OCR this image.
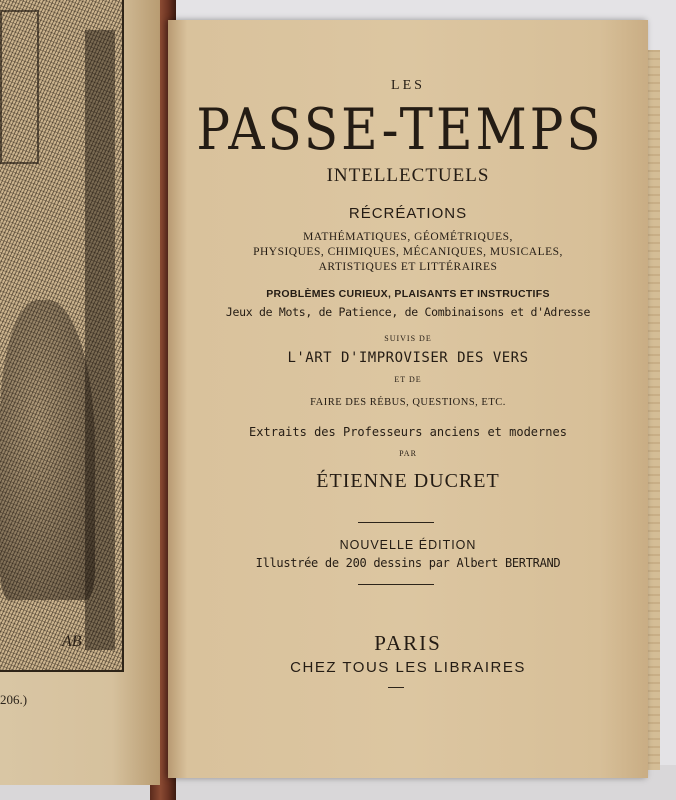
AB
206.)
LES
PASSE-TEMPS
INTELLECTUELS
RÉCRÉATIONS
MATHÉMATIQUES, GÉOMÉTRIQUES,
PHYSIQUES, CHIMIQUES, MÉCANIQUES, MUSICALES,
ARTISTIQUES ET LITTÉRAIRES
PROBLÈMES CURIEUX, PLAISANTS ET INSTRUCTIFS
Jeux de Mots, de Patience, de Combinaisons et d'Adresse
SUIVIS DE
L'ART D'IMPROVISER DES VERS
ET DE
FAIRE DES RÉBUS, QUESTIONS, ETC.
Extraits des Professeurs anciens et modernes
PAR
ÉTIENNE DUCRET
NOUVELLE ÉDITION
Illustrée de 200 dessins par Albert BERTRAND
PARIS
CHEZ TOUS LES LIBRAIRES
